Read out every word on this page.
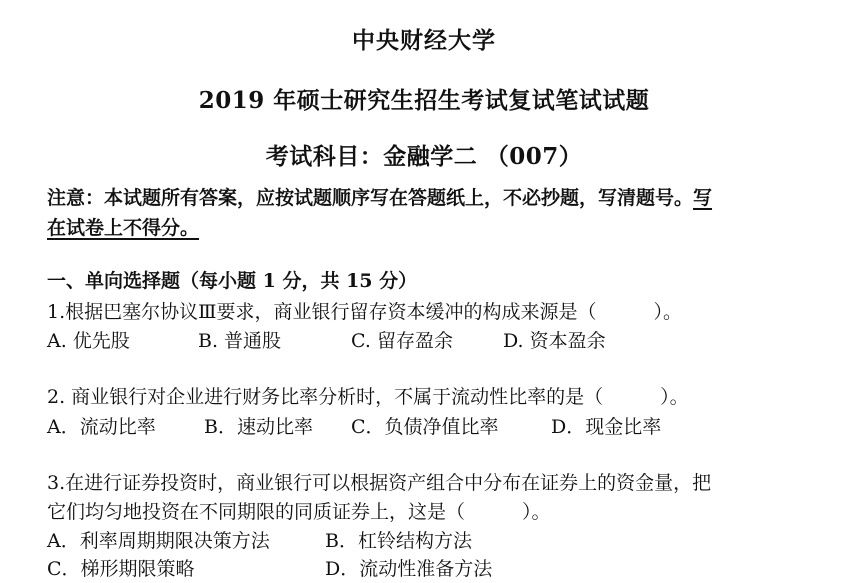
中央财经大学
2019 年硕士研究生招生考试复试笔试试题
考试科目：金融学二 （007）
注意：本试题所有答案，应按试题顺序写在答题纸上，不必抄题，写清题号。写
在试卷上不得分。
一、单向选择题（每小题 1 分，共 15 分）
1.根据巴塞尔协议Ⅲ要求，商业银行留存资本缓冲的构成来源是（　　　）。
A. 优先股	B. 普通股	C. 留存盈余	D. 资本盈余
2. 商业银行对企业进行财务比率分析时，不属于流动性比率的是（　　　）。
A．流动比率	B．速动比率 C．负债净值比率	D．现金比率
3.在进行证券投资时，商业银行可以根据资产组合中分布在证券上的资金量，把
它们均匀地投资在不同期限的同质证券上，这是（　　　）。
A．利率周期期限决策方法	B．杠铃结构方法
C．梯形期限策略	D．流动性准备方法
